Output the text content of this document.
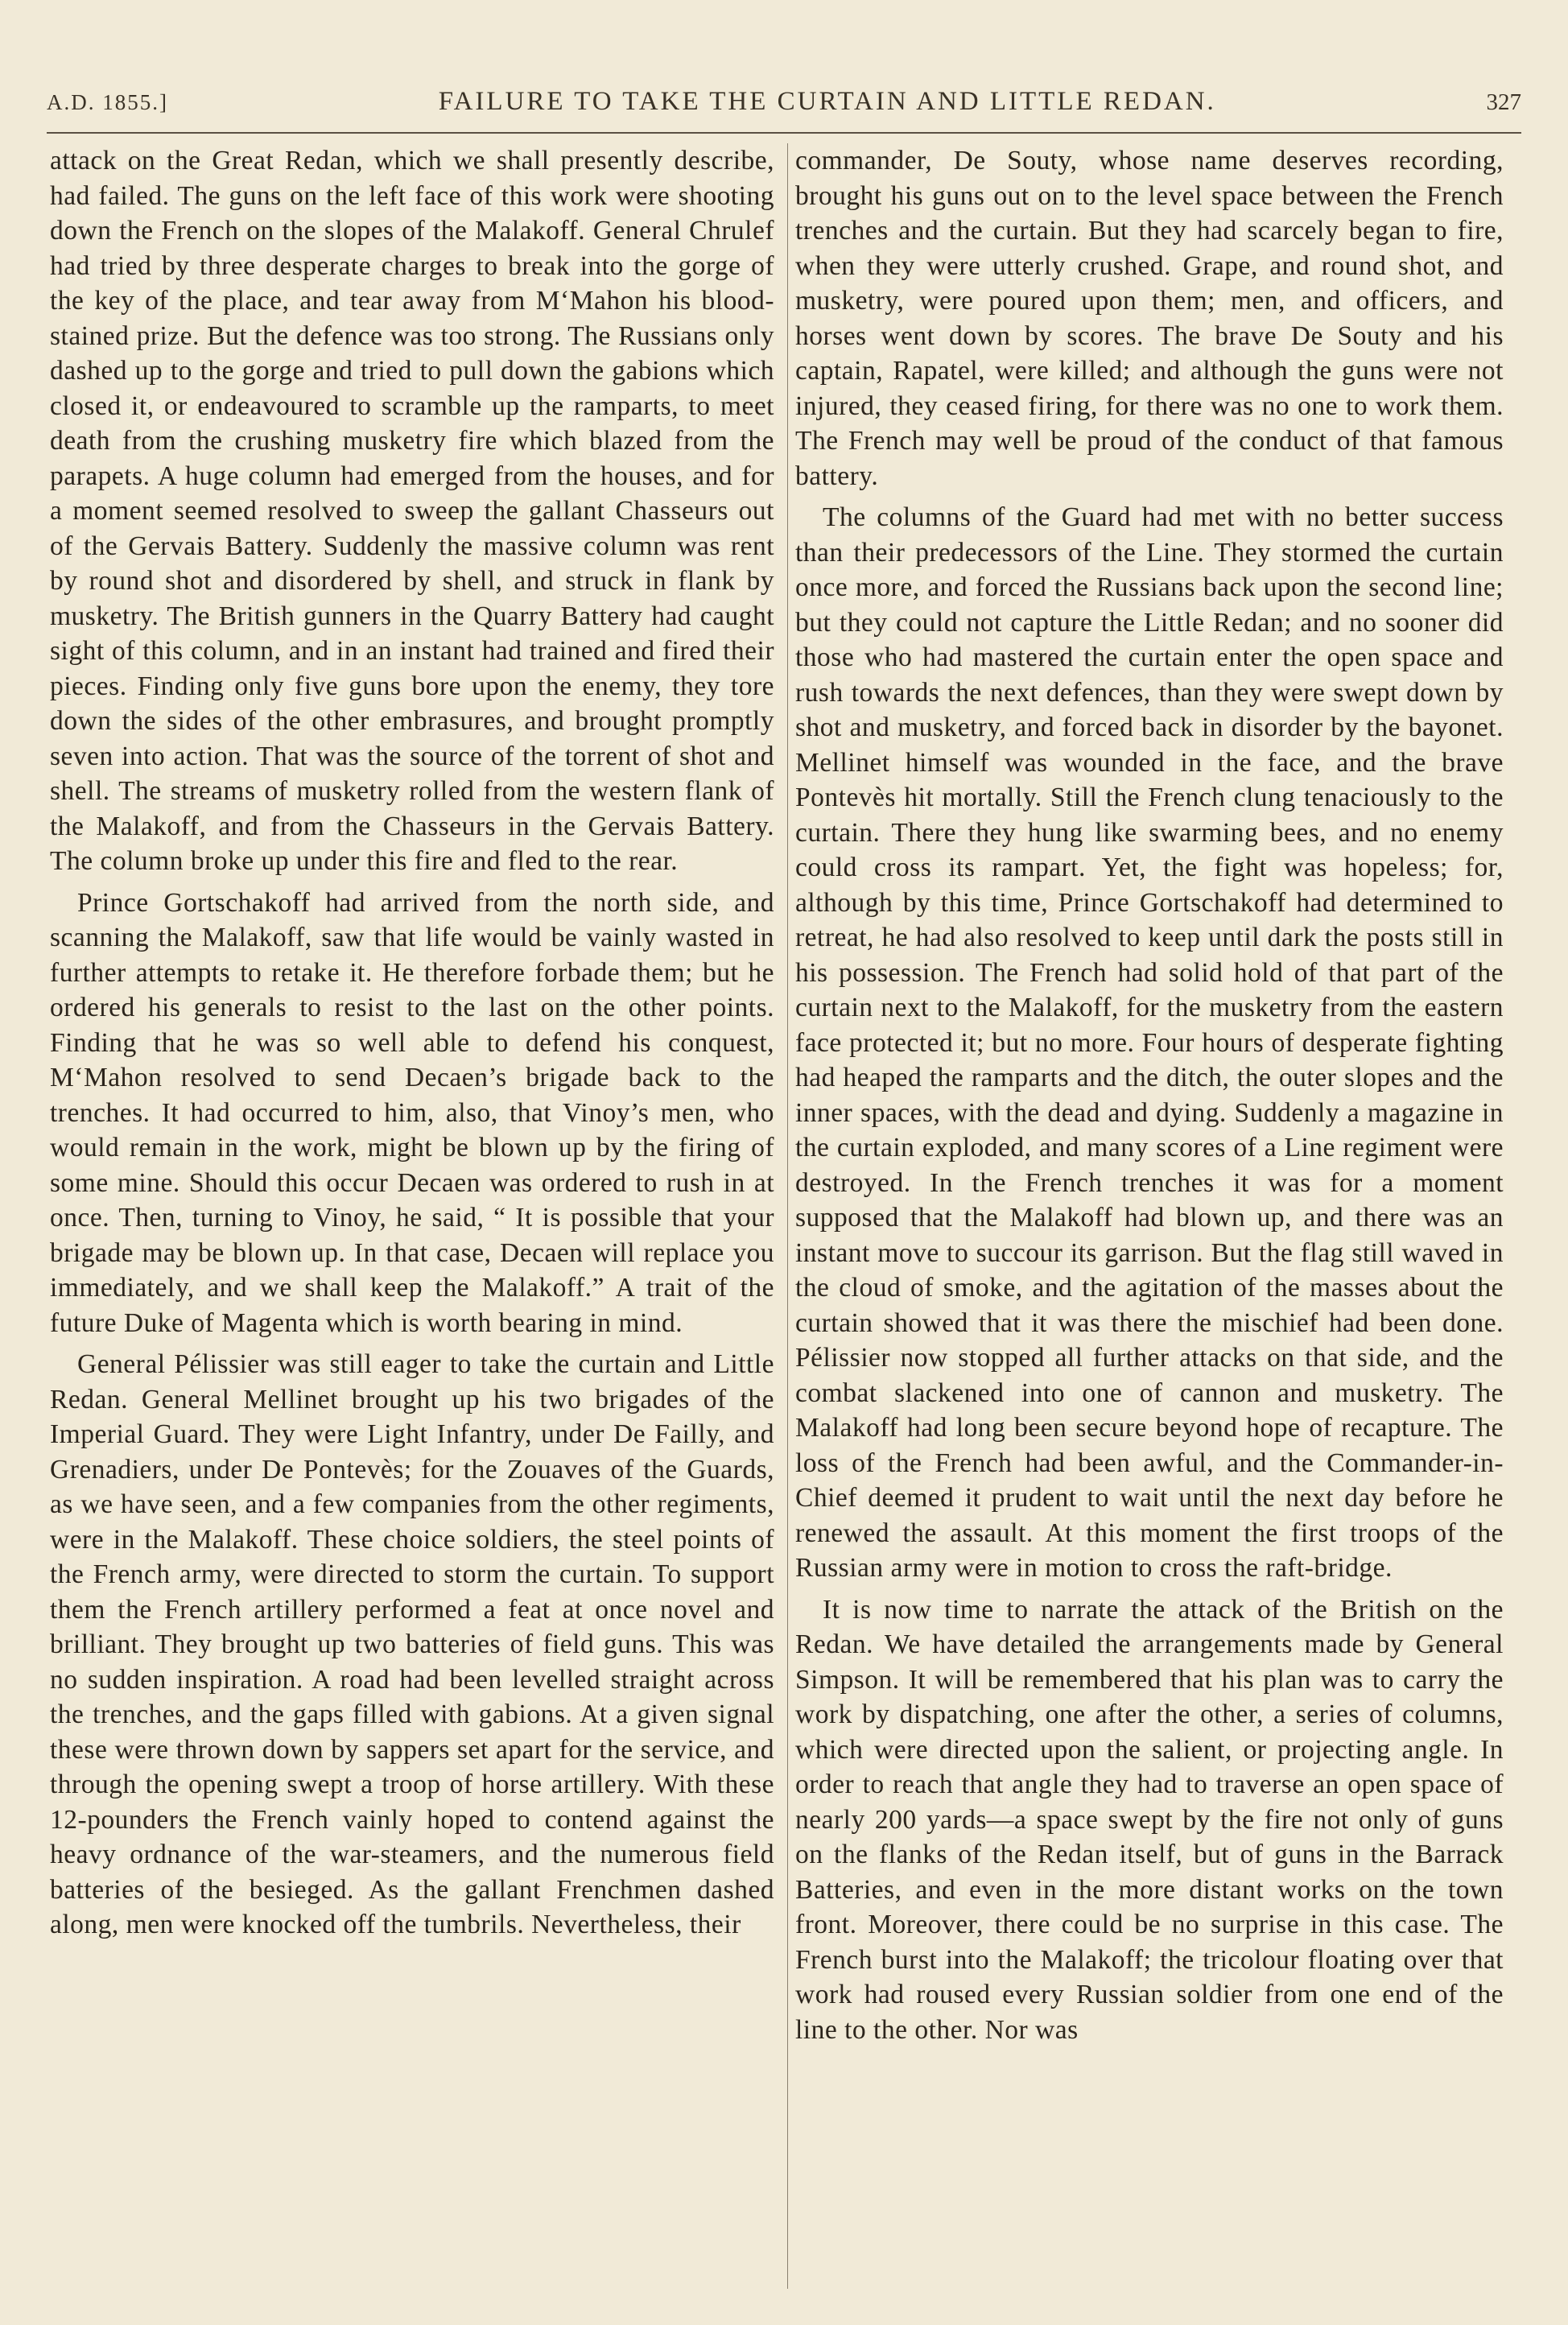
A.D. 1855.]	FAILURE TO TAKE THE CURTAIN AND LITTLE REDAN.	327

attack on the Great Redan, which we shall presently describe, had failed. The guns on the left face of this work were shooting down the French on the slopes of the Malakoff. General Chrulef had tried by three desperate charges to break into the gorge of the key of the place, and tear away from M‘Mahon his blood-stained prize. But the defence was too strong. The Russians only dashed up to the gorge and tried to pull down the gabions which closed it, or endeavoured to scramble up the ramparts, to meet death from the crushing musketry fire which blazed from the parapets. A huge column had emerged from the houses, and for a moment seemed resolved to sweep the gallant Chasseurs out of the Gervais Battery. Suddenly the massive column was rent by round shot and disordered by shell, and struck in flank by musketry. The British gunners in the Quarry Battery had caught sight of this column, and in an instant had trained and fired their pieces. Finding only five guns bore upon the enemy, they tore down the sides of the other embrasures, and brought promptly seven into action. That was the source of the torrent of shot and shell. The streams of musketry rolled from the western flank of the Malakoff, and from the Chasseurs in the Gervais Battery. The column broke up under this fire and fled to the rear.

Prince Gortschakoff had arrived from the north side, and scanning the Malakoff, saw that life would be vainly wasted in further attempts to retake it. He therefore forbade them; but he ordered his generals to resist to the last on the other points. Finding that he was so well able to defend his conquest, M‘Mahon resolved to send Decaen’s brigade back to the trenches. It had occurred to him, also, that Vinoy’s men, who would remain in the work, might be blown up by the firing of some mine. Should this occur Decaen was ordered to rush in at once. Then, turning to Vinoy, he said, “ It is possible that your brigade may be blown up. In that case, Decaen will replace you immediately, and we shall keep the Malakoff.” A trait of the future Duke of Magenta which is worth bearing in mind.

General Pélissier was still eager to take the curtain and Little Redan. General Mellinet brought up his two brigades of the Imperial Guard. They were Light Infantry, under De Failly, and Grenadiers, under De Pontevès; for the Zouaves of the Guards, as we have seen, and a few companies from the other regiments, were in the Malakoff. These choice soldiers, the steel points of the French army, were directed to storm the curtain. To support them the French artillery performed a feat at once novel and brilliant. They brought up two batteries of field guns. This was no sudden inspiration. A road had been levelled straight across the trenches, and the gaps filled with gabions. At a given signal these were thrown down by sappers set apart for the service, and through the opening swept a troop of horse artillery. With these 12-pounders the French vainly hoped to contend against the heavy ordnance of the war-steamers, and the numerous field batteries of the besieged. As the gallant Frenchmen dashed along, men were knocked off the tumbrils. Nevertheless, their

commander, De Souty, whose name deserves recording, brought his guns out on to the level space between the French trenches and the curtain. But they had scarcely began to fire, when they were utterly crushed. Grape, and round shot, and musketry, were poured upon them; men, and officers, and horses went down by scores. The brave De Souty and his captain, Rapatel, were killed; and although the guns were not injured, they ceased firing, for there was no one to work them. The French may well be proud of the conduct of that famous battery.

The columns of the Guard had met with no better success than their predecessors of the Line. They stormed the curtain once more, and forced the Russians back upon the second line; but they could not capture the Little Redan; and no sooner did those who had mastered the curtain enter the open space and rush towards the next defences, than they were swept down by shot and musketry, and forced back in disorder by the bayonet. Mellinet himself was wounded in the face, and the brave Pontevès hit mortally. Still the French clung tenaciously to the curtain. There they hung like swarming bees, and no enemy could cross its rampart. Yet, the fight was hopeless; for, although by this time, Prince Gortschakoff had determined to retreat, he had also resolved to keep until dark the posts still in his possession. The French had solid hold of that part of the curtain next to the Malakoff, for the musketry from the eastern face protected it; but no more. Four hours of desperate fighting had heaped the ramparts and the ditch, the outer slopes and the inner spaces, with the dead and dying. Suddenly a magazine in the curtain exploded, and many scores of a Line regiment were destroyed. In the French trenches it was for a moment supposed that the Malakoff had blown up, and there was an instant move to succour its garrison. But the flag still waved in the cloud of smoke, and the agitation of the masses about the curtain showed that it was there the mischief had been done. Pélissier now stopped all further attacks on that side, and the combat slackened into one of cannon and musketry. The Malakoff had long been secure beyond hope of recapture. The loss of the French had been awful, and the Commander-in-Chief deemed it prudent to wait until the next day before he renewed the assault. At this moment the first troops of the Russian army were in motion to cross the raft-bridge.

It is now time to narrate the attack of the British on the Redan. We have detailed the arrangements made by General Simpson. It will be remembered that his plan was to carry the work by dispatching, one after the other, a series of columns, which were directed upon the salient, or projecting angle. In order to reach that angle they had to traverse an open space of nearly 200 yards—a space swept by the fire not only of guns on the flanks of the Redan itself, but of guns in the Barrack Batteries, and even in the more distant works on the town front. Moreover, there could be no surprise in this case. The French burst into the Malakoff; the tricolour floating over that work had roused every Russian soldier from one end of the line to the other. Nor was
